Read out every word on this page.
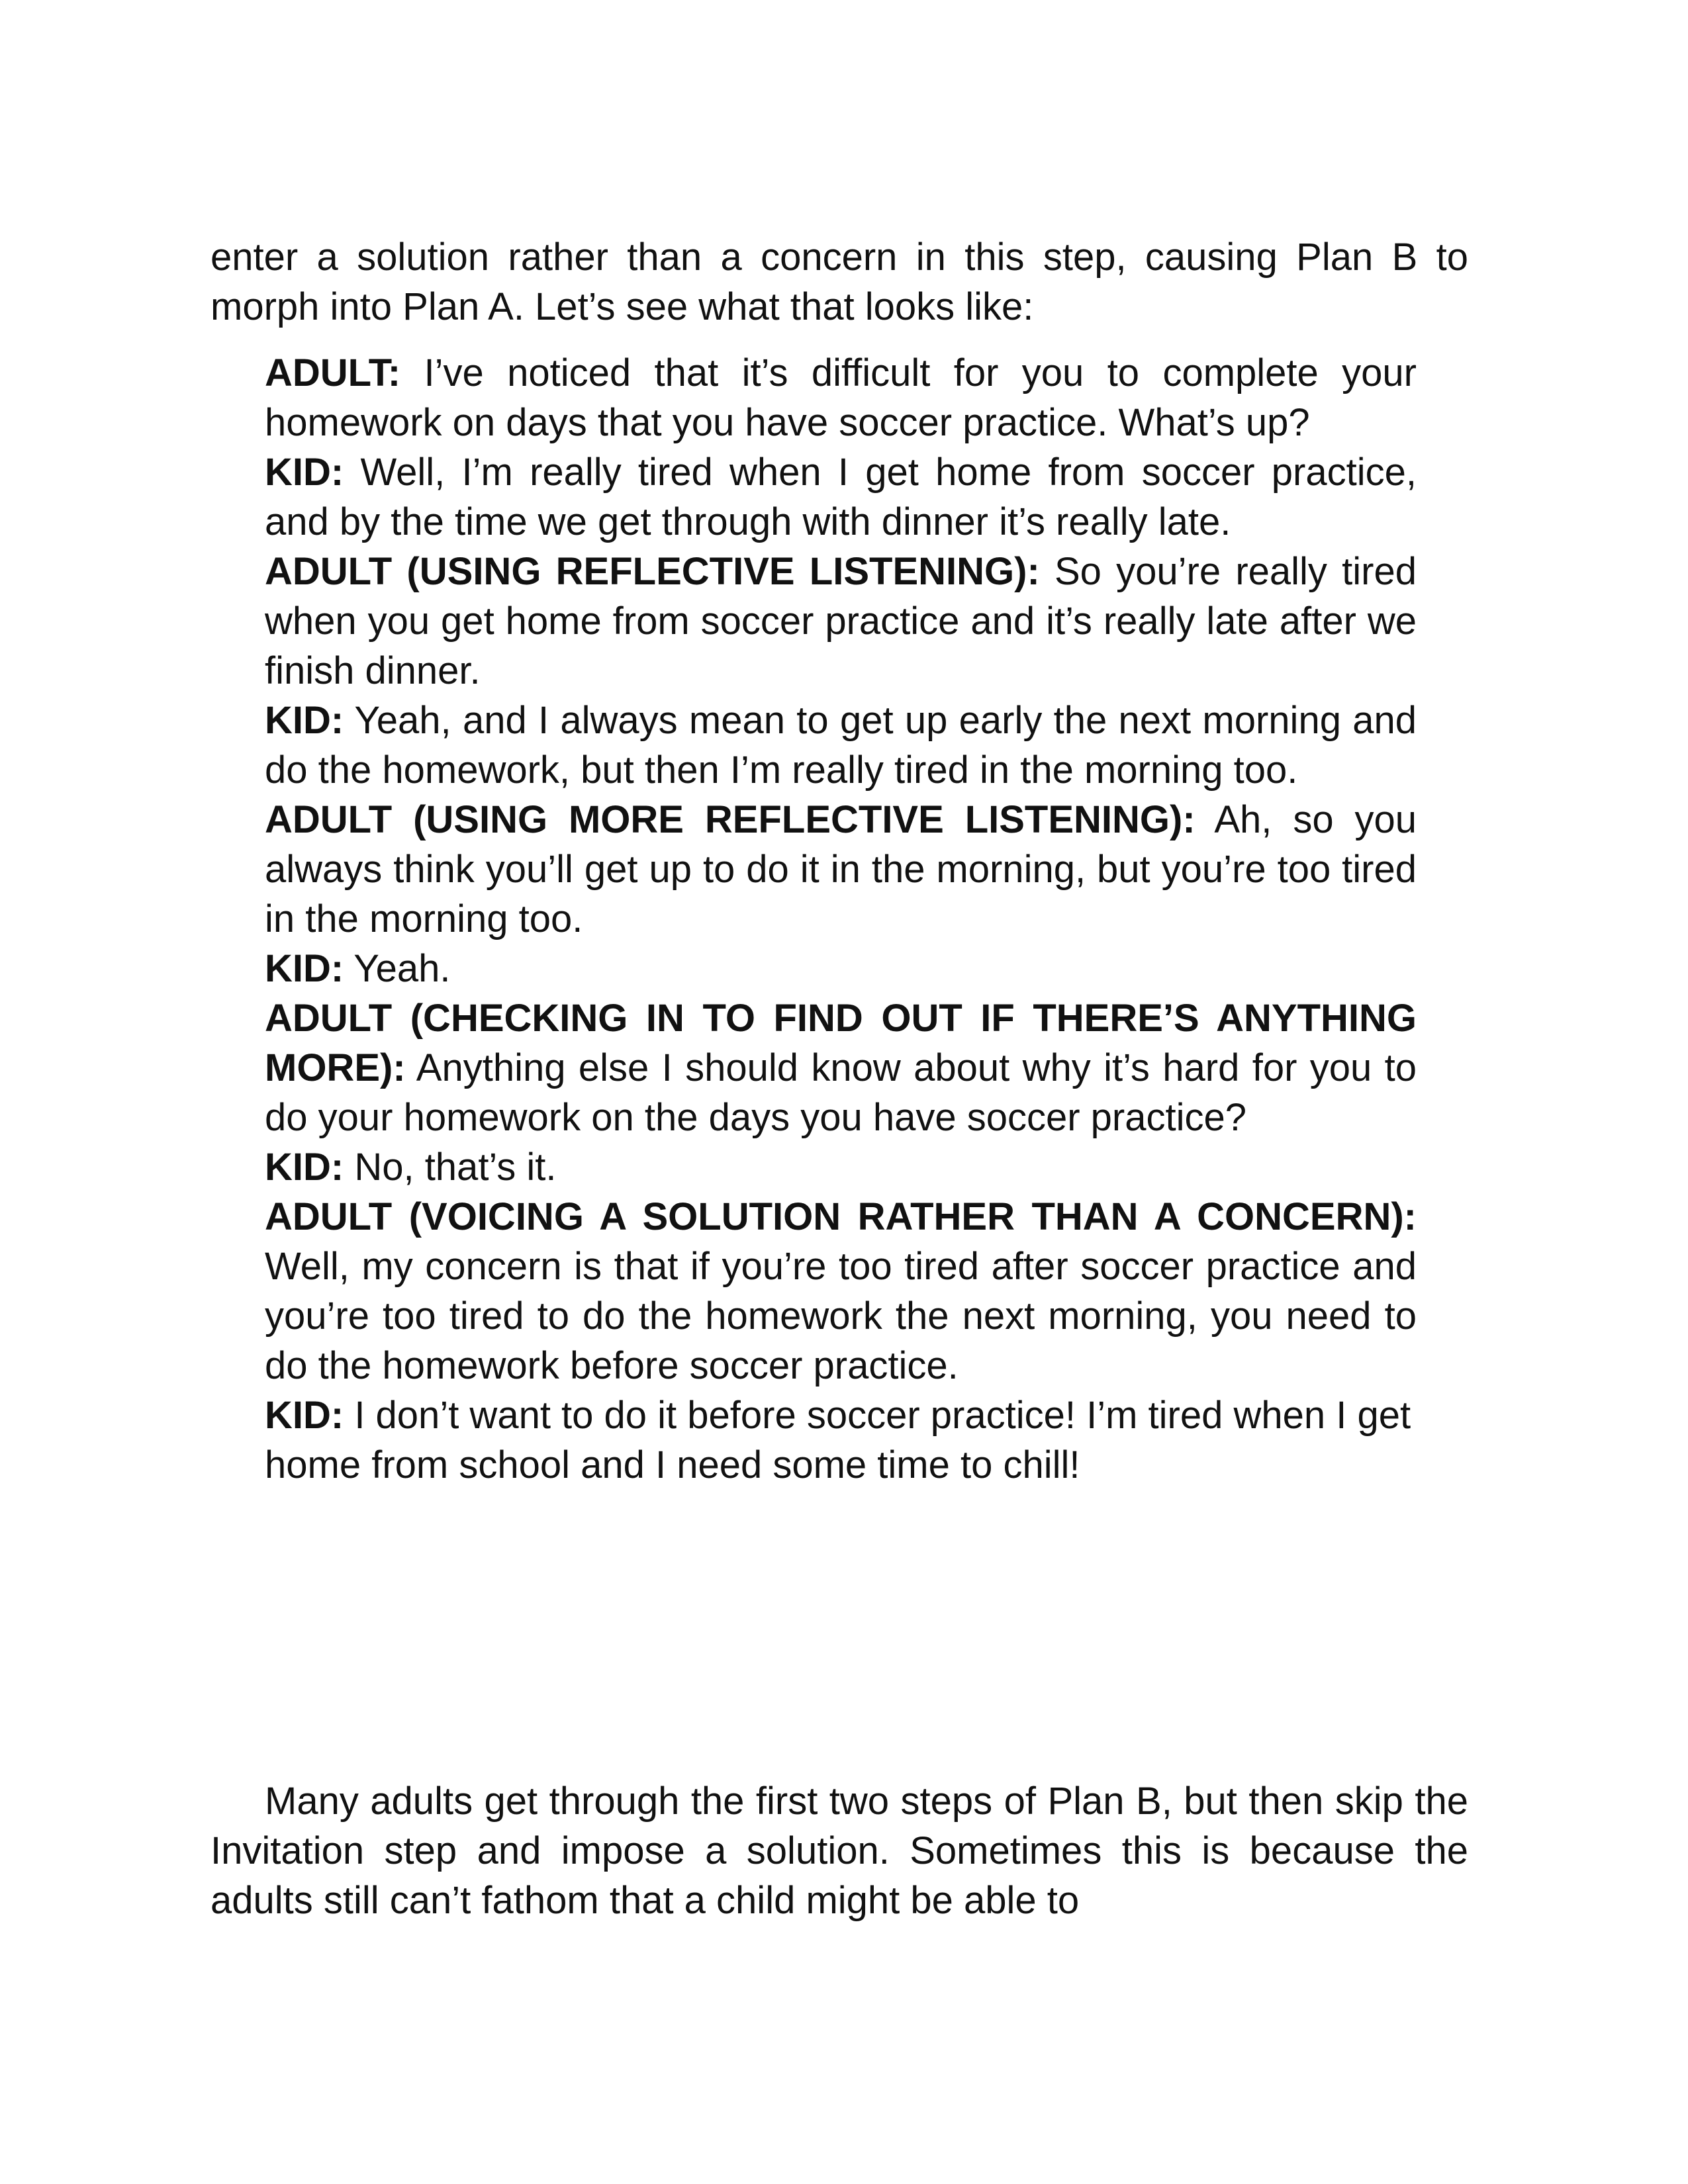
enter a solution rather than a concern in this step, causing Plan B to morph into Plan A. Let’s see what that looks like:

ADULT: I’ve noticed that it’s difficult for you to complete your homework on days that you have soccer practice. What’s up?

KID: Well, I’m really tired when I get home from soccer practice, and by the time we get through with dinner it’s really late.

ADULT (USING REFLECTIVE LISTENING): So you’re really tired when you get home from soccer practice and it’s really late after we finish dinner.

KID: Yeah, and I always mean to get up early the next morning and do the homework, but then I’m really tired in the morning too.

ADULT (USING MORE REFLECTIVE LISTENING): Ah, so you always think you’ll get up to do it in the morning, but you’re too tired in the morning too.

KID: Yeah.

ADULT (CHECKING IN TO FIND OUT IF THERE’S ANYTHING MORE): Anything else I should know about why it’s hard for you to do your homework on the days you have soccer practice?

KID: No, that’s it.

ADULT (VOICING A SOLUTION RATHER THAN A CONCERN): Well, my concern is that if you’re too tired after soccer practice and you’re too tired to do the homework the next morning, you need to do the homework before soccer practice.

KID: I don’t want to do it before soccer practice! I’m tired when I get home from school and I need some time to chill!

Many adults get through the first two steps of Plan B, but then skip the Invitation step and impose a solution. Sometimes this is because the adults still can’t fathom that a child might be able to
